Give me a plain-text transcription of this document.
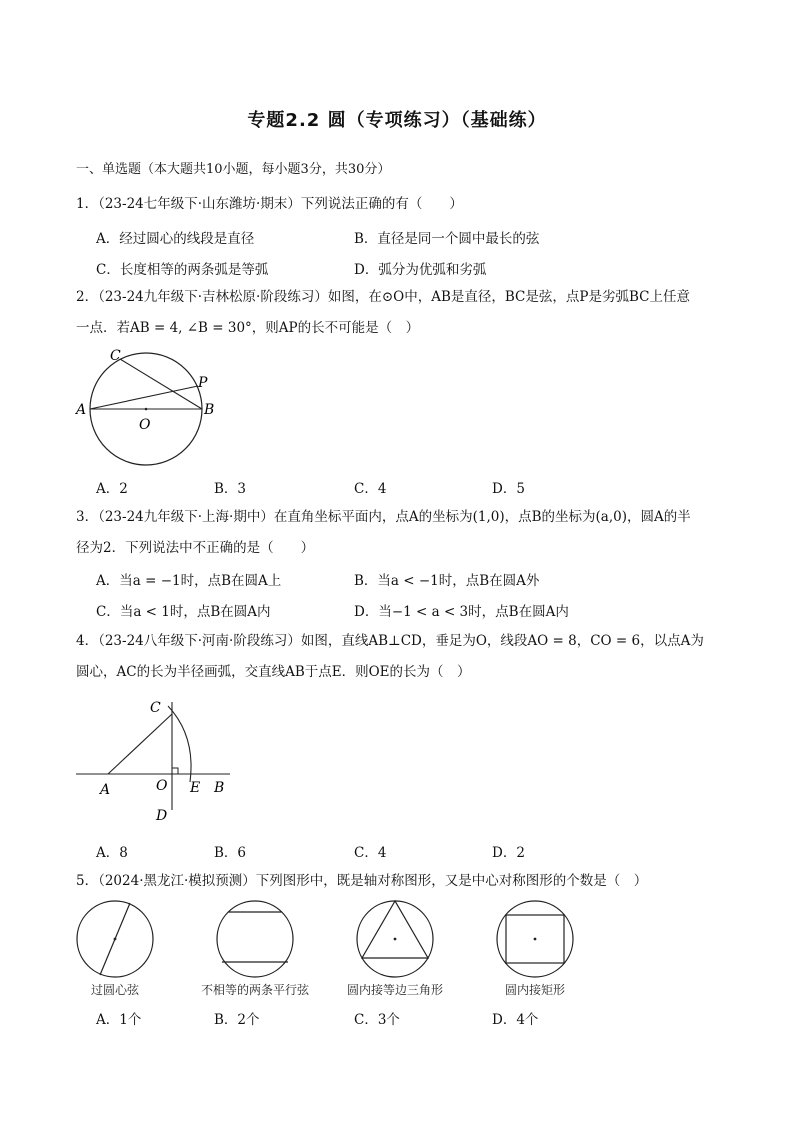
专题2.2 圆（专项练习）（基础练）
一、单选题（本大题共10小题，每小题3分，共30分）
1．（23-24七年级下·山东潍坊·期末）下列说法正确的有（　　）
A．经过圆心的线段是直径	B．直径是同一个圆中最长的弦
C．长度相等的两条弧是等弧	D．弧分为优弧和劣弧
2．（23-24九年级下·吉林松原·阶段练习）如图，在⊙O中，AB是直径，BC是弦，点P是劣弧BC上任意
一点．若AB = 4, ∠B = 30°，则AP的长不可能是（　）
A	B
C
P
O
A．2	B．3	C．4	D．5
3．（23-24九年级下·上海·期中）在直角坐标平面内，点A的坐标为(1,0)，点B的坐标为(a,0)，圆A的半
径为2．下列说法中不正确的是（　　）
A．当a = −1时，点B在圆A上	B．当a < −1时，点B在圆A外
C．当a < 1时，点B在圆A内	D．当−1 < a < 3时，点B在圆A内
4．（23-24八年级下·河南·阶段练习）如图，直线AB⊥CD，垂足为O，线段AO = 8，CO = 6，以点A为
圆心，AC的长为半径画弧，交直线AB于点E．则OE的长为（　）
C
A	O E B
D
A．8	B．6	C．4	D．2
5．（2024·黑龙江·模拟预测）下列图形中，既是轴对称图形，又是中心对称图形的个数是（　）
过圆心弦	不相等的两条平行弦	圆内接等边三角形	圆内接矩形
A．1个	B．2个	C．3个	D．4个
